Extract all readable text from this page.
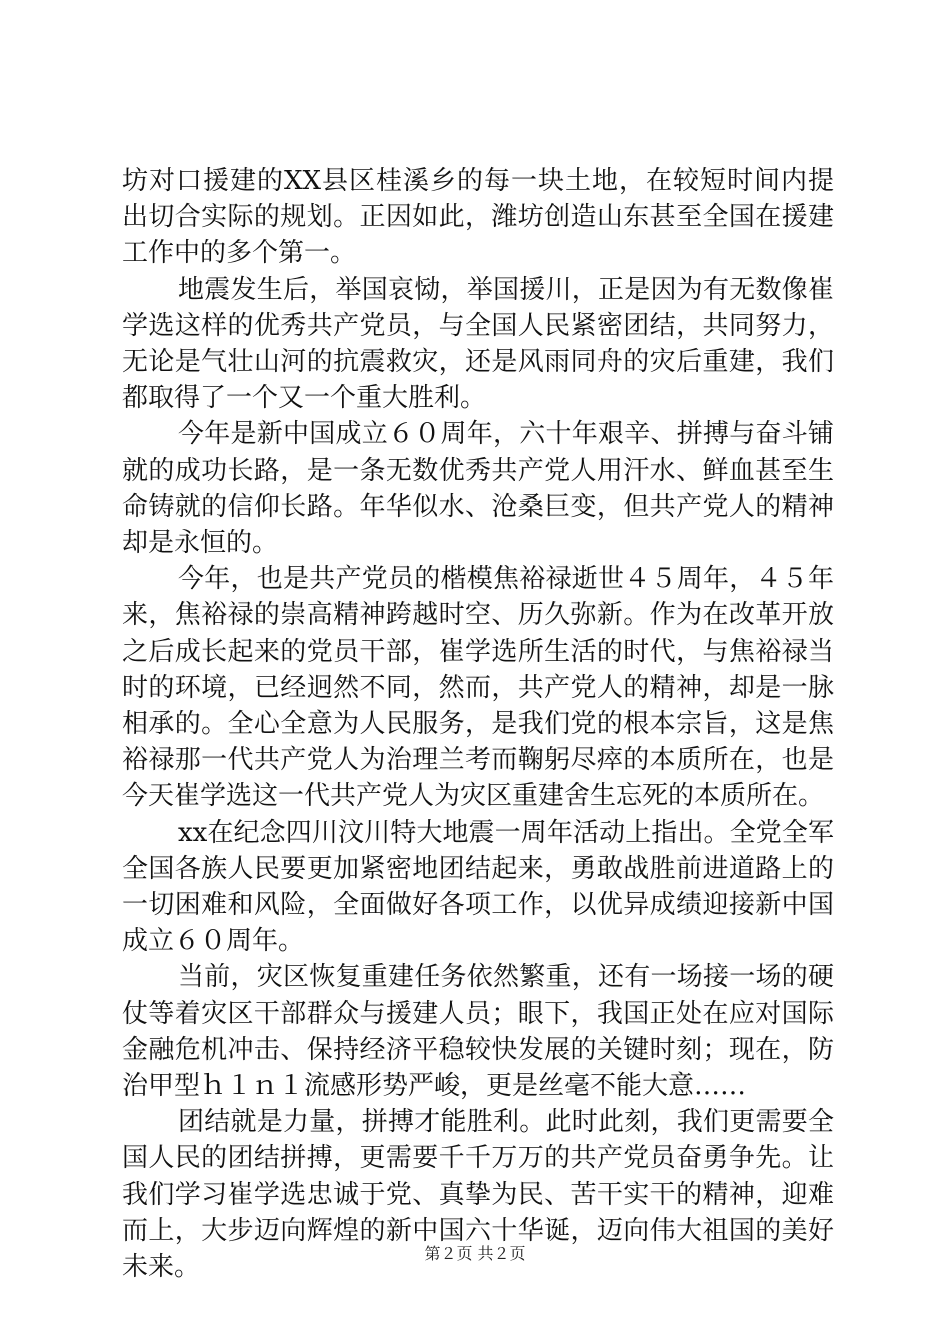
坊对口援建的XX县区桂溪乡的每一块土地，在较短时间内提出切合实际的规划。正因如此，潍坊创造山东甚至全国在援建工作中的多个第一。

地震发生后，举国哀恸，举国援川，正是因为有无数像崔学选这样的优秀共产党员，与全国人民紧密团结，共同努力，无论是气壮山河的抗震救灾，还是风雨同舟的灾后重建，我们都取得了一个又一个重大胜利。

今年是新中国成立６０周年，六十年艰辛、拼搏与奋斗铺就的成功长路，是一条无数优秀共产党人用汗水、鲜血甚至生命铸就的信仰长路。年华似水、沧桑巨变，但共产党人的精神却是永恒的。

今年，也是共产党员的楷模焦裕禄逝世４５周年，４５年来，焦裕禄的崇高精神跨越时空、历久弥新。作为在改革开放之后成长起来的党员干部，崔学选所生活的时代，与焦裕禄当时的环境，已经迥然不同，然而，共产党人的精神，却是一脉相承的。全心全意为人民服务，是我们党的根本宗旨，这是焦裕禄那一代共产党人为治理兰考而鞠躬尽瘁的本质所在，也是今天崔学选这一代共产党人为灾区重建舍生忘死的本质所在。

xx在纪念四川汶川特大地震一周年活动上指出。全党全军全国各族人民要更加紧密地团结起来，勇敢战胜前进道路上的一切困难和风险，全面做好各项工作，以优异成绩迎接新中国成立６０周年。

当前，灾区恢复重建任务依然繁重，还有一场接一场的硬仗等着灾区干部群众与援建人员；眼下，我国正处在应对国际金融危机冲击、保持经济平稳较快发展的关键时刻；现在，防治甲型ｈ１ｎ１流感形势严峻，更是丝毫不能大意……

团结就是力量，拼搏才能胜利。此时此刻，我们更需要全国人民的团结拼搏，更需要千千万万的共产党员奋勇争先。让我们学习崔学选忠诚于党、真挚为民、苦干实干的精神，迎难而上，大步迈向辉煌的新中国六十华诞，迈向伟大祖国的美好未来。	第２页 共２页
